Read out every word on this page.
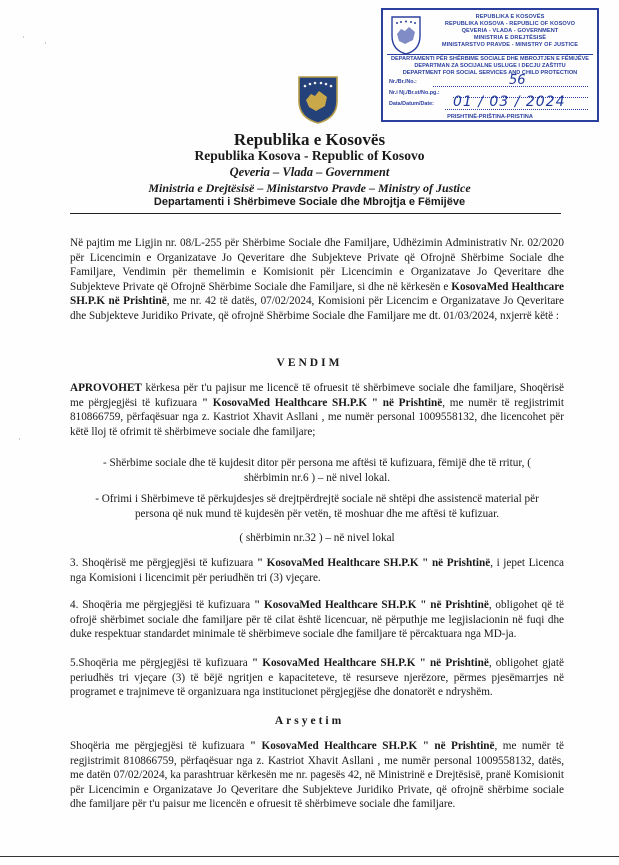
REPUBLIKA E KOSOVËS
REPUBLIKA KOSOVA - REPUBLIC OF KOSOVO
QEVERIA - VLADA - GOVERNMENT
MINISTRIA E DREJTËSISË
MINISTARSTVO PRAVDE - MINISTRY OF JUSTICE
DEPARTAMENTI PËR SHËRBIME SOCIALE DHE MBROJTJEN E FËMIJËVE
DEPARTMAN ZA SOCIJALNE USLUGE I DECJU ZAŠTITU
DEPARTMENT FOR SOCIAL SERVICES AND CHILD PROTECTION
Nr./Br./No.:	56
Nr.i Nj./Br.st/No.pg.:
Data/Datum/Date: 01 / 03 / 2024
PRISHTINË-PRIŠTINA-PRISTINA
·
·
·
Republika e Kosovës
Republika Kosova - Republic of Kosovo
Qeveria – Vlada – Government
Ministria e Drejtësisë – Ministarstvo Pravde – Ministry of Justice
Departamenti i Shërbimeve Sociale dhe Mbrojtja e Fëmijëve
Në pajtim me Ligjin nr. 08/L-255 për Shërbime Sociale dhe Familjare, Udhëzimin Administrativ Nr. 02/2020 për Licencimin e Organizatave Jo Qeveritare dhe Subjekteve Private që Ofrojnë Shërbime Sociale dhe Familjare, Vendimin për themelimin e Komisionit për Licencimin e Organizatave Jo Qeveritare dhe Subjekteve Private që Ofrojnë Shërbime Sociale dhe Familjare, si dhe në kërkesën e KosovaMed Healthcare SH.P.K në Prishtinë, me nr. 42 të datës, 07/02/2024, Komisioni për Licencim e Organizatave Jo Qeveritare dhe Subjekteve Juridiko Private, që ofrojnë Shërbime Sociale dhe Familjare me dt. 01/03/2024, nxjerrë këtë :
VENDIM
APROVOHET kërkesa për t'u pajisur me licencë të ofruesit të shërbimeve sociale dhe familjare, Shoqërisë me përgjegjësi të kufizuara " KosovaMed Healthcare SH.P.K " në Prishtinë, me numër të regjistrimit 810866759, përfaqësuar nga z. Kastriot Xhavit Asllani , me numër personal 1009558132, dhe licencohet për këtë lloj të ofrimit të shërbimeve sociale dhe familjare;
- Shërbime sociale dhe të kujdesit ditor për persona me aftësi të kufizuara, fëmijë dhe të rritur, ( shërbimin nr.6 ) – në nivel lokal.
- Ofrimi i Shërbimeve të përkujdesjes së drejtpërdrejtë sociale në shtëpi dhe assistencë material për persona që nuk mund të kujdesën për vetën, të moshuar dhe me aftësi të kufizuar.
( shërbimin nr.32 ) – në nivel lokal
3. Shoqërisë me përgjegjësi të kufizuara " KosovaMed Healthcare SH.P.K " në Prishtinë, i jepet Licenca nga Komisioni i licencimit për periudhën tri (3) vjeçare.
4. Shoqëria me përgjegjësi të kufizuara " KosovaMed Healthcare SH.P.K " në Prishtinë, obligohet që të ofrojë shërbimet sociale dhe familjare për të cilat është licencuar, në përputhje me legjislacionin në fuqi dhe duke respektuar standardet minimale të shërbimeve sociale dhe familjare të përcaktuara nga MD-ja.
5.Shoqëria me përgjegjësi të kufizuara " KosovaMed Healthcare SH.P.K " në Prishtinë, obligohet gjatë periudhës tri vjeçare (3) të bëjë ngritjen e kapaciteteve, të resurseve njerëzore, përmes pjesëmarrjes në programet e trajnimeve të organizuara nga institucionet përgjegjëse dhe donatorët e ndryshëm.
Arsyetim
Shoqëria me përgjegjësi të kufizuara " KosovaMed Healthcare SH.P.K " në Prishtinë, me numër të regjistrimit 810866759, përfaqësuar nga z. Kastriot Xhavit Asllani , me numër personal 1009558132, datës, me datën 07/02/2024, ka parashtruar kërkesën me nr. pagesës 42, në Ministrinë e Drejtësisë, pranë Komisionit për Licencimin e Organizatave Jo Qeveritare dhe Subjekteve Juridiko Private, që ofrojnë shërbime sociale dhe familjare për t'u paisur me licencën e ofruesit të shërbimeve sociale dhe familjare.
